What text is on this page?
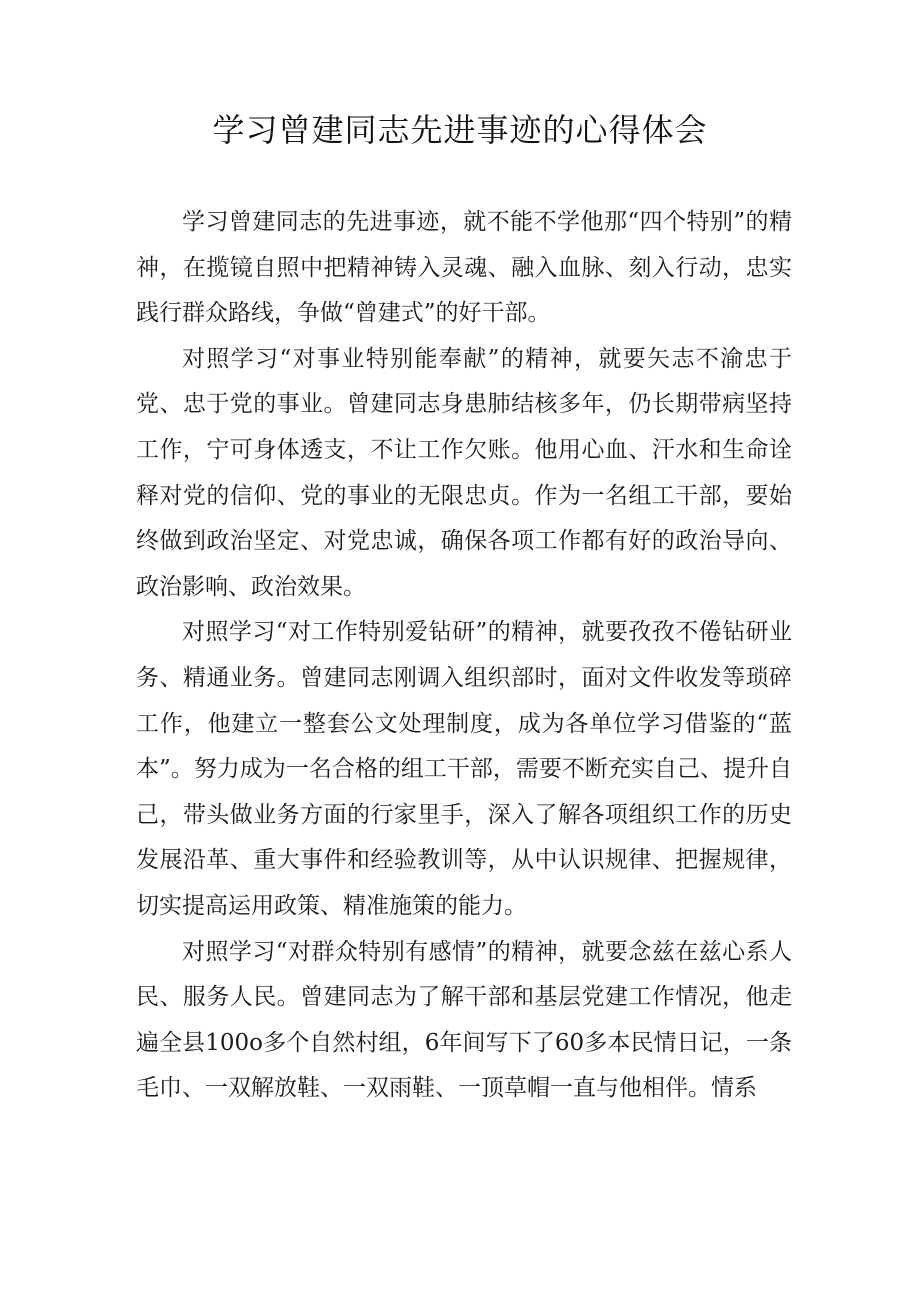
学习曾建同志先进事迹的心得体会

学习曾建同志的先进事迹，就不能不学他那“四个特别”的精神，在揽镜自照中把精神铸入灵魂、融入血脉、刻入行动，忠实践行群众路线，争做“曾建式”的好干部。

对照学习“对事业特别能奉献”的精神，就要矢志不渝忠于党、忠于党的事业。曾建同志身患肺结核多年，仍长期带病坚持工作，宁可身体透支，不让工作欠账。他用心血、汗水和生命诠释对党的信仰、党的事业的无限忠贞。作为一名组工干部，要始终做到政治坚定、对党忠诚，确保各项工作都有好的政治导向、政治影响、政治效果。

对照学习“对工作特别爱钻研”的精神，就要孜孜不倦钻研业务、精通业务。曾建同志刚调入组织部时，面对文件收发等琐碎工作，他建立一整套公文处理制度，成为各单位学习借鉴的“蓝本”。努力成为一名合格的组工干部，需要不断充实自己、提升自己，带头做业务方面的行家里手，深入了解各项组织工作的历史发展沿革、重大事件和经验教训等，从中认识规律、把握规律，切实提高运用政策、精准施策的能力。

对照学习“对群众特别有感情”的精神，就要念兹在兹心系人民、服务人民。曾建同志为了解干部和基层党建工作情况，他走遍全县100o多个自然村组，6年间写下了60多本民情日记，一条毛巾、一双解放鞋、一双雨鞋、一顶草帽一直与他相伴。情系
